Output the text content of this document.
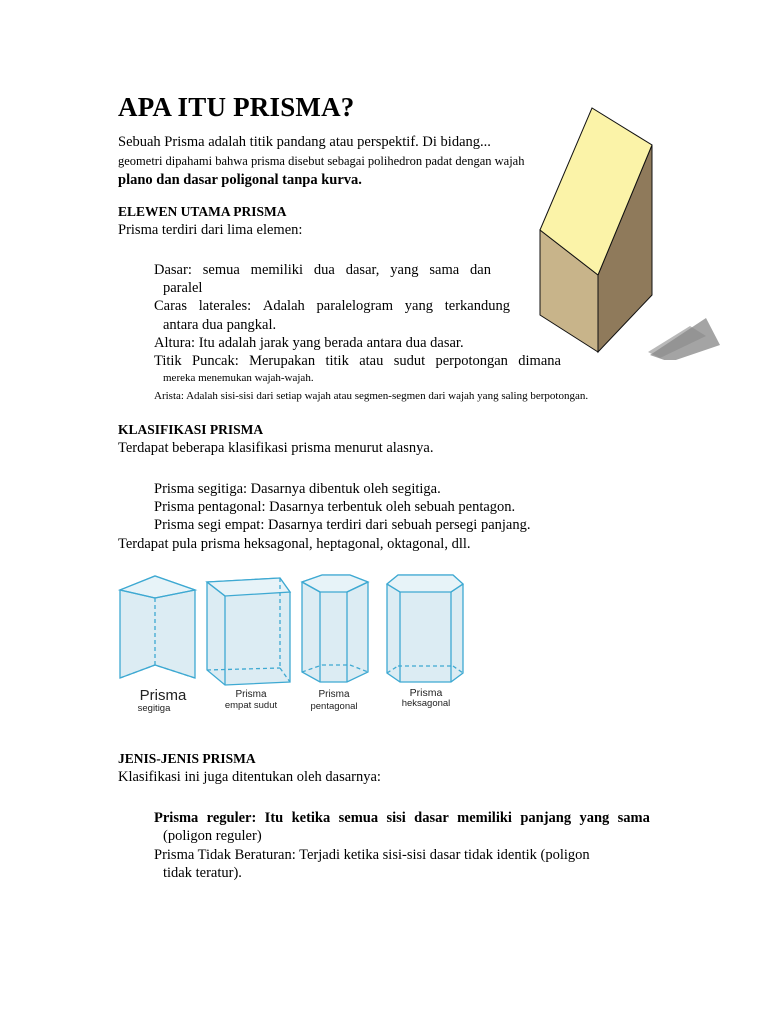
APA ITU PRISMA?

Sebuah Prisma adalah titik pandang atau perspektif. Di bidang...

geometri dipahami bahwa prisma disebut sebagai polihedron padat dengan wajah

plano dan dasar poligonal tanpa kurva.

ELEWEN UTAMA PRISMA

Prisma terdiri dari lima elemen:

Dasar: semua memiliki dua dasar, yang sama dan

paralel

Caras laterales: Adalah paralelogram yang terkandung

antara dua pangkal.

Altura: Itu adalah jarak yang berada antara dua dasar.

Titik Puncak: Merupakan titik atau sudut perpotongan dimana

mereka menemukan wajah-wajah.

Arista: Adalah sisi-sisi dari setiap wajah atau segmen-segmen dari wajah yang saling berpotongan.

KLASIFIKASI PRISMA

Terdapat beberapa klasifikasi prisma menurut alasnya.

Prisma segitiga: Dasarnya dibentuk oleh segitiga.

Prisma pentagonal: Dasarnya terbentuk oleh sebuah pentagon.

Prisma segi empat: Dasarnya terdiri dari sebuah persegi panjang.

Terdapat pula prisma heksagonal, heptagonal, oktagonal, dll.

Prisma
segitiga
Prisma
empat sudut
Prisma
pentagonal
Prisma
heksagonal

JENIS-JENIS PRISMA

Klasifikasi ini juga ditentukan oleh dasarnya:

Prisma reguler: Itu ketika semua sisi dasar memiliki panjang yang sama

(poligon reguler)

Prisma Tidak Beraturan: Terjadi ketika sisi-sisi dasar tidak identik (poligon

tidak teratur).
